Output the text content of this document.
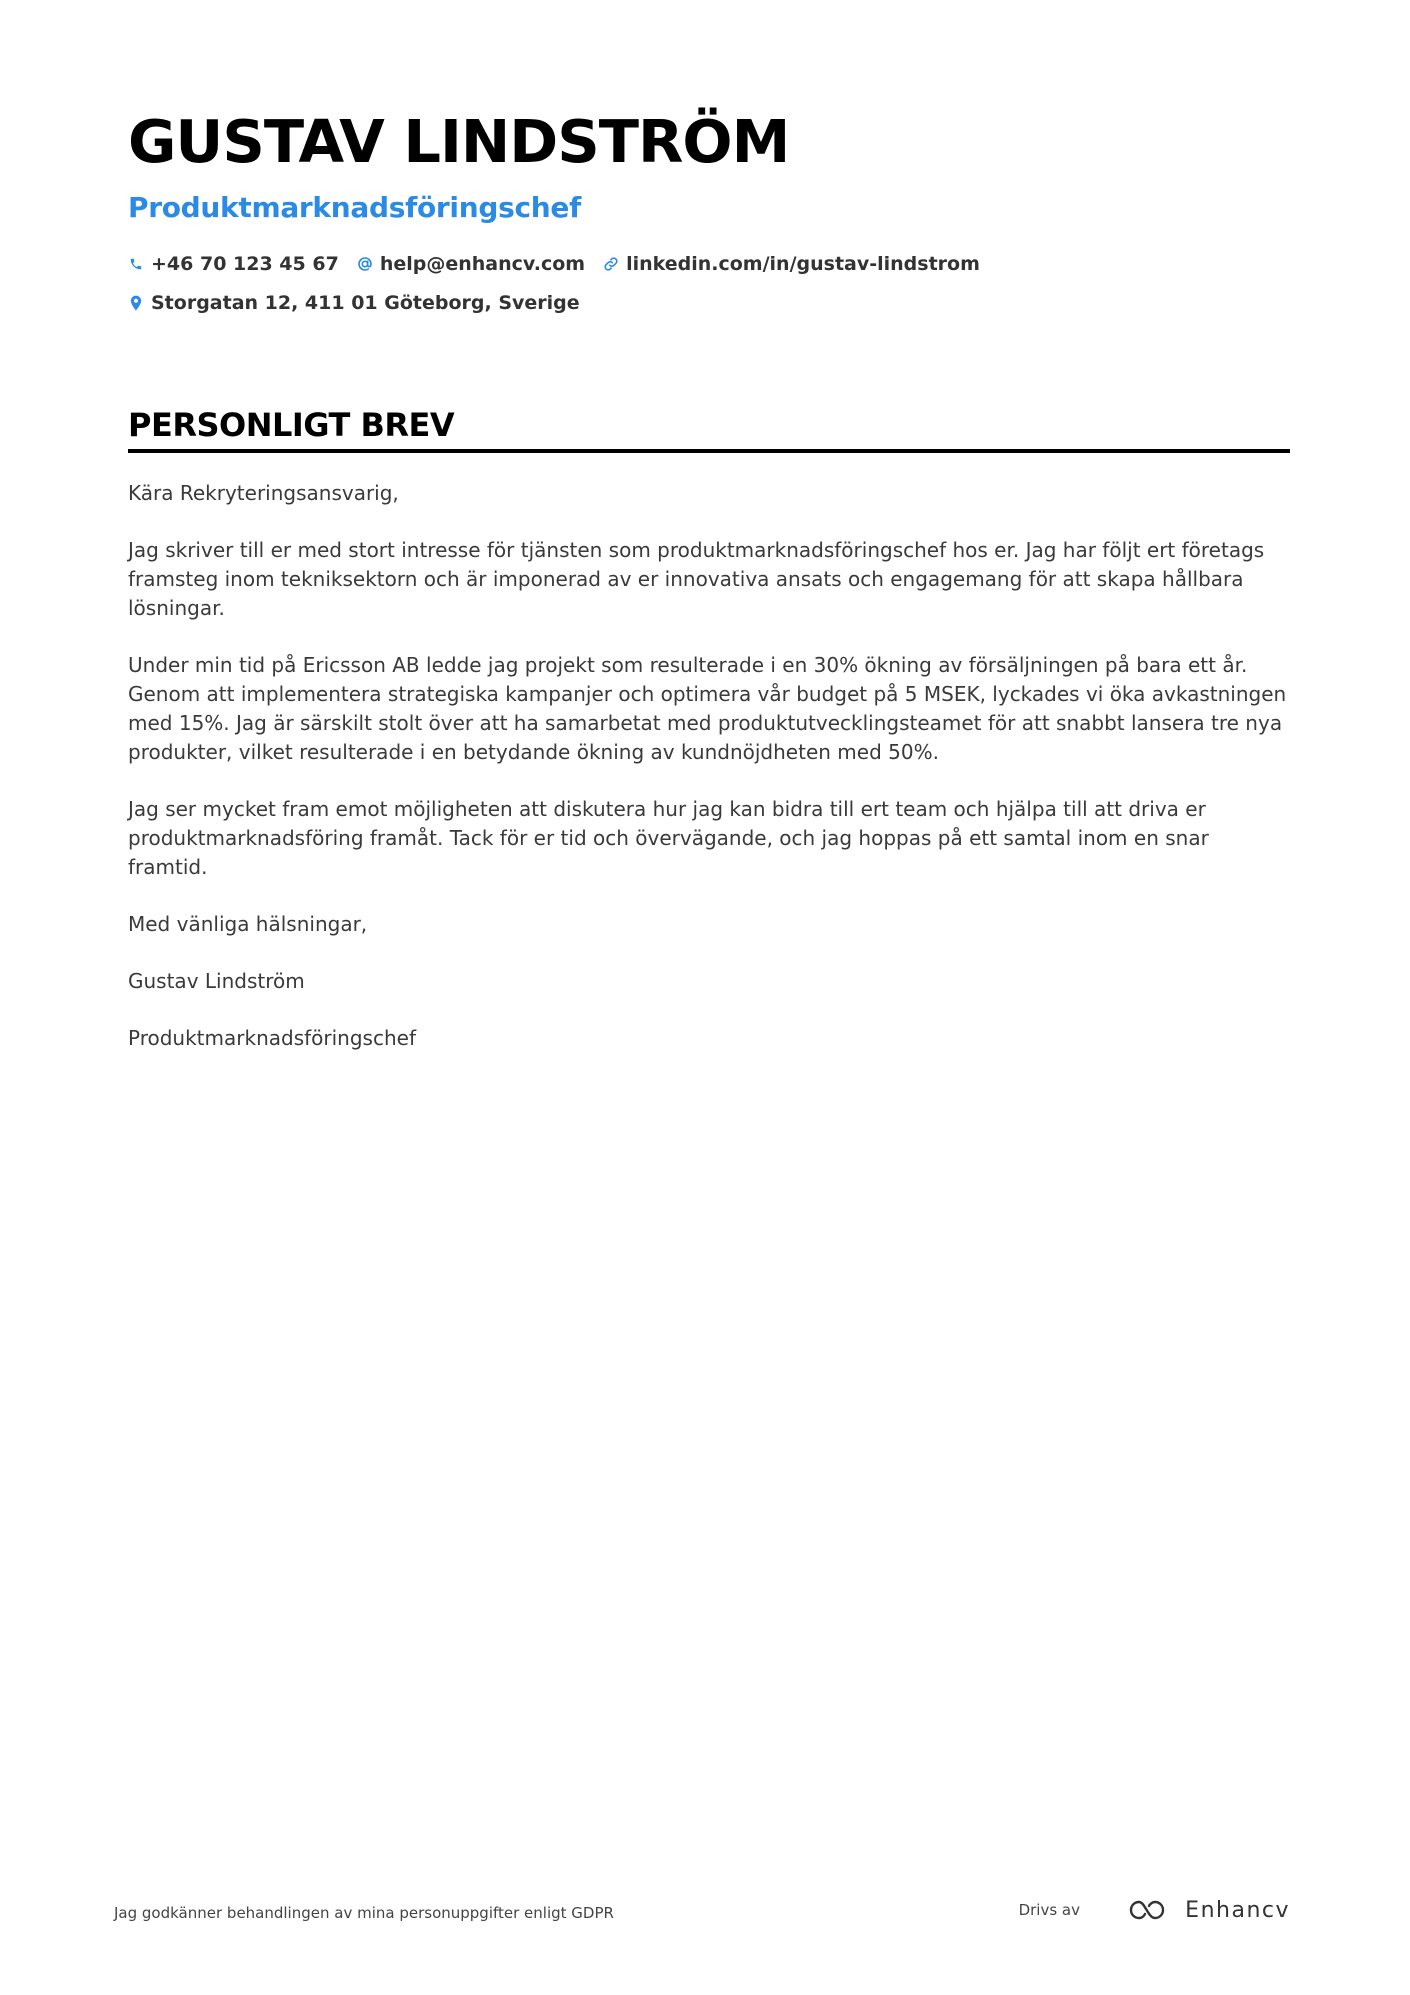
GUSTAV LINDSTRÖM
Produktmarknadsföringschef
+46 70 123 45 67 help@enhancv.com linkedin.com/in/gustav-lindstrom
Storgatan 12, 411 01 Göteborg, Sverige
PERSONLIGT BREV

Kära Rekryteringsansvarig,

Jag skriver till er med stort intresse för tjänsten som produktmarknadsföringschef hos er. Jag har följt ert företags framsteg inom tekniksektorn och är imponerad av er innovativa ansats och engagemang för att skapa hållbara lösningar.

Under min tid på Ericsson AB ledde jag projekt som resulterade i en 30% ökning av försäljningen på bara ett år. Genom att implementera strategiska kampanjer och optimera vår budget på 5 MSEK, lyckades vi öka avkastningen med 15%. Jag är särskilt stolt över att ha samarbetat med produktutvecklingsteamet för att snabbt lansera tre nya produkter, vilket resulterade i en betydande ökning av kundnöjdheten med 50%.

Jag ser mycket fram emot möjligheten att diskutera hur jag kan bidra till ert team och hjälpa till att driva er produktmarknadsföring framåt. Tack för er tid och övervägande, och jag hoppas på ett samtal inom en snar framtid.

Med vänliga hälsningar,

Gustav Lindström

Produktmarknadsföringschef

Jag godkänner behandlingen av mina personuppgifter enligt GDPR	Drivs av	Enhancv
